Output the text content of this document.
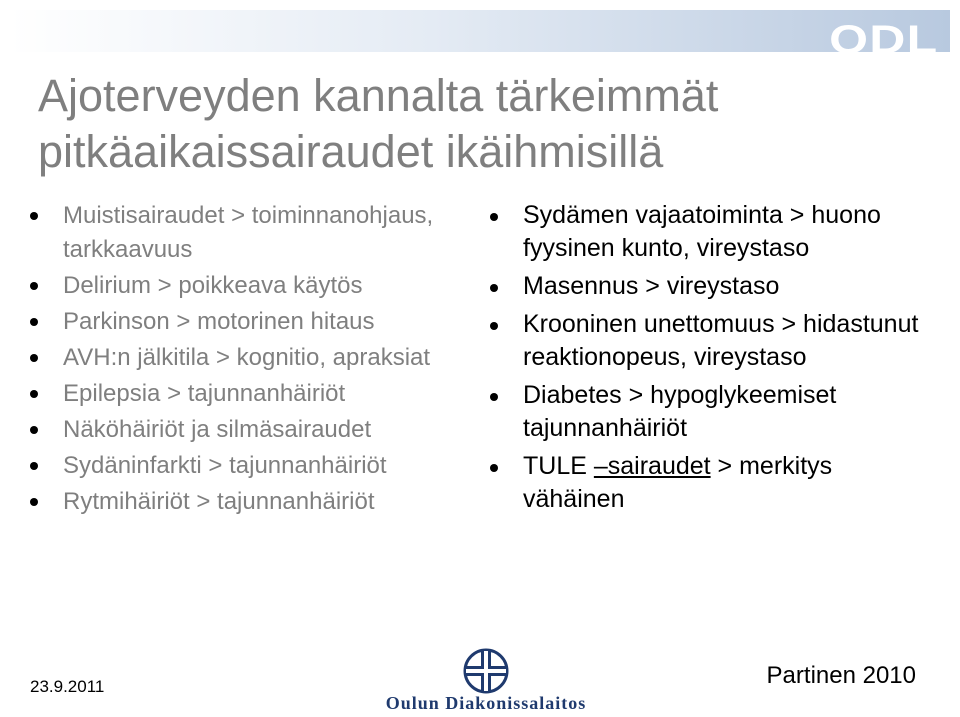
ODL
Ajoterveyden kannalta tärkeimmät
pitkäaikaissairaudet ikäihmisillä
Muistisairaudet > toiminnanohjaus, tarkkaavuus
Delirium > poikkeava käytös
Parkinson > motorinen hitaus
AVH:n jälkitila > kognitio, apraksiat
Epilepsia > tajunnanhäiriöt
Näköhäiriöt ja silmäsairaudet
Sydäninfarkti > tajunnanhäiriöt
Rytmihäiriöt > tajunnanhäiriöt
Sydämen vajaatoiminta > huono fyysinen kunto, vireystaso
Masennus > vireystaso
Krooninen unettomuus > hidastunut reaktionopeus, vireystaso
Diabetes > hypoglykeemiset tajunnanhäiriöt
TULE –sairaudet > merkitys vähäinen
23.9.2011
Oulun Diakonissalaitos
Partinen 2010
